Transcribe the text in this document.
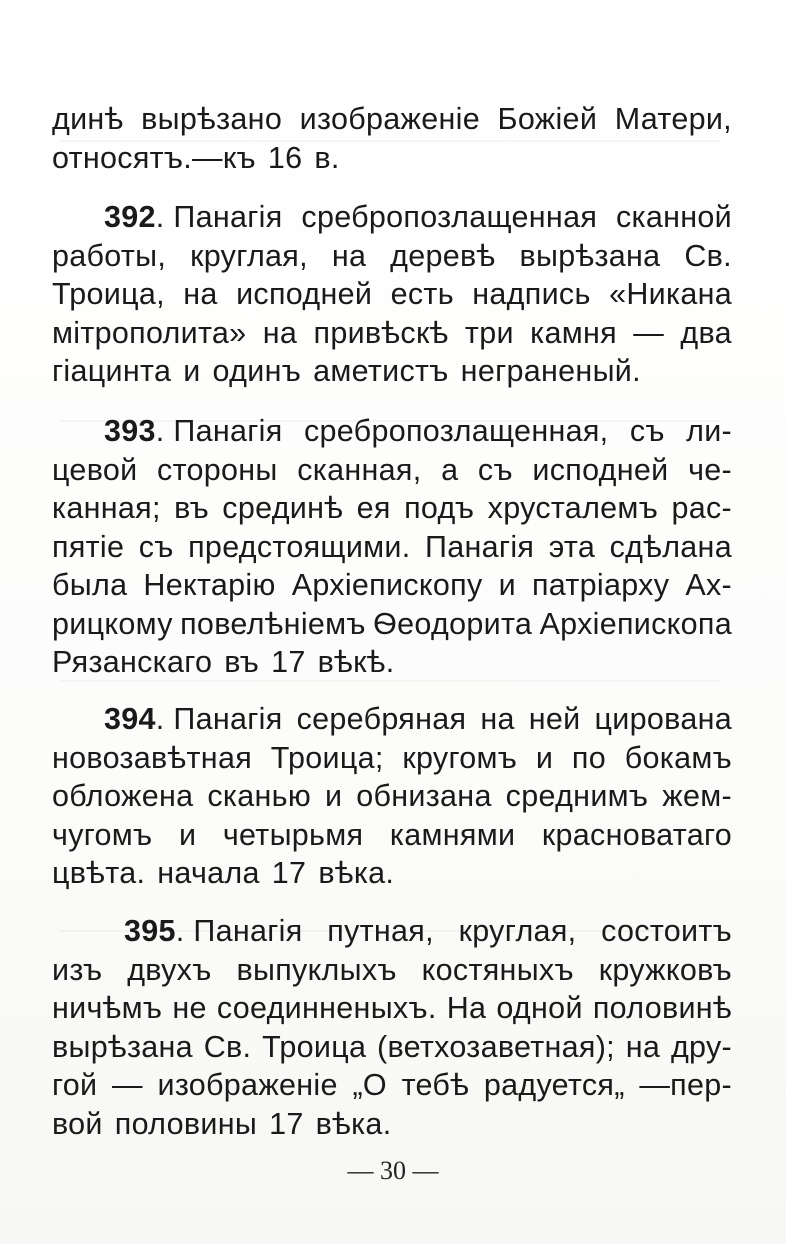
динѣ вырѣзано изображеніе Божіей Матери,
относятъ.—къ 16 в.
392. Панагія сребропозлащенная сканной
работы, круглая, на деревѣ вырѣзана Св.
Троица, на исподней есть надпись «Никана
мітрополита» на привѣскѣ три камня — два
гіацинта и одинъ аметистъ неграненый.
393. Панагія сребропозлащенная, съ ли-
цевой стороны сканная, а съ исподней че-
канная; въ срединѣ ея подъ хрусталемъ рас-
пятіе съ предстоящими. Панагія эта сдѣлана
была Нектарію Архіепископу и патріарху Ах-
рицкому повелѣніемъ Ѳеодорита Архіепископа
Рязанскаго въ 17 вѣкѣ.
394. Панагія серебряная на ней цирована
новозавѣтная Троица; кругомъ и по бокамъ
обложена сканью и обнизана среднимъ жем-
чугомъ и четырьмя камнями красноватаго
цвѣта. начала 17 вѣка.
395. Панагія путная, круглая, состоитъ
изъ двухъ выпуклыхъ костяныхъ кружковъ
ничѣмъ не соединненыхъ. На одной половинѣ
вырѣзана Св. Троица (ветхозаветная); на дру-
гой — изображеніе „О тебѣ радуется„ —пер-
вой половины 17 вѣка.
— 30 —
